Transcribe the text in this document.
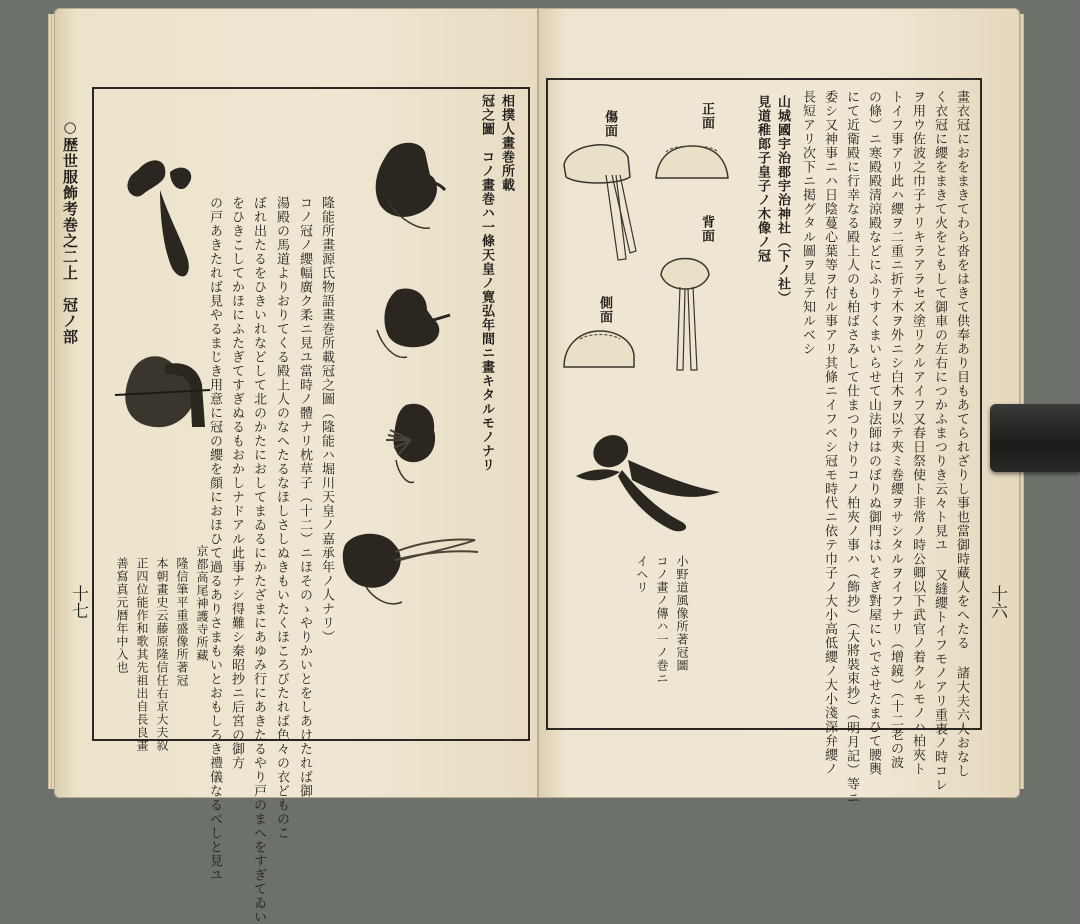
○歴世服飾考巻之二上　冠ノ部
十七
相撲人畫巻所載
冠之圖　コノ畫巻ハ一條天皇ノ寛弘年間ニ畫キタルモノナリ
隆能所畫源氏物語畫巻所載冠之圖（隆能ハ堀川天皇ノ嘉承年ノ人ナリ）
コノ冠ノ纓幅廣ク柔ニ見ユ當時ノ體ナリ枕草子（十二）ニほそのゝやりかいとをしあけたれば御
湯殿の馬道よりおりてくる殿上人のなへたるなほしさしぬきもいたくほころびたれば色々の衣どものこ
ぼれ出たるをひきいれなどして北のかたにおしてまゐるにかたざまにあゆみ行にあきたるやり戸のまへをすぎてゐい
をひきこしてかほにふたぎてすぎぬるもおかしナドアル此事ナシ得難シ秦昭抄ニ后宮の御方
の戸あきたれば見やるまじき用意に冠の纓を顔におほひて過るありさまもいとおもしろき禮儀なるべしと見ユ
京都高尾神護寺所藏
隆信筆平重盛像所著冠
本朝畫史云藤原隆信任右京大夫叙
正四位能作和歌其先祖出自長良畫
善寫真元暦年中入也	十六
畫衣冠におをまきてわら沓をはきて供奉あり目もあてられざりし事也當御時藏人をへたる 諸大夫六人おなし
く衣冠に纓をまきて火をともして御車の左右につかふまつりき云々ト見ユ 又縫纓トイフモノアリ重衷ノ時コレ
ヲ用ウ佐波之巾子ナリキラアラセズ塗リクルアイフ又春日祭使ト非常ノ時公卿以下武官ノ着クルモノハ柏夾ト
トイフ事アリ此ハ纓ヲ二重ニ折テ木ヲ外ニシ白木ヲ以テ夾ミ巻纓ヲサシタルヲイフナリ（增鏡）（十二老の波
の條）ニ寒殿殿清涼殿などにふりすくまいらせて山法師はのぼりぬ御門はいそぎ對屋にいでさせたまひて腰輿
にて近衛殿に行幸なる殿上人のも柏ばさみして仕まつりけりコノ柏夾ノ事ハ（飾抄）（大將裝束抄）（明月記）等ニ
委シ又神事ニハ日陰蔓心葉等ヲ付ル事アリ其條ニイフベシ冠モ時代ニ依テ巾子ノ大小高低纓ノ大小淺深弁纓ノ
長短アリ次下ニ掲グタル圖ヲ見テ知ルベシ
山城國宇治郡宇治神社（下ノ社）
見道稚郎子皇子ノ木像ノ冠
正面
背面
傷面
側面
小野道風像所著冠圖
コノ畫ノ傳ハ一ノ巻ニ
イヘリ
